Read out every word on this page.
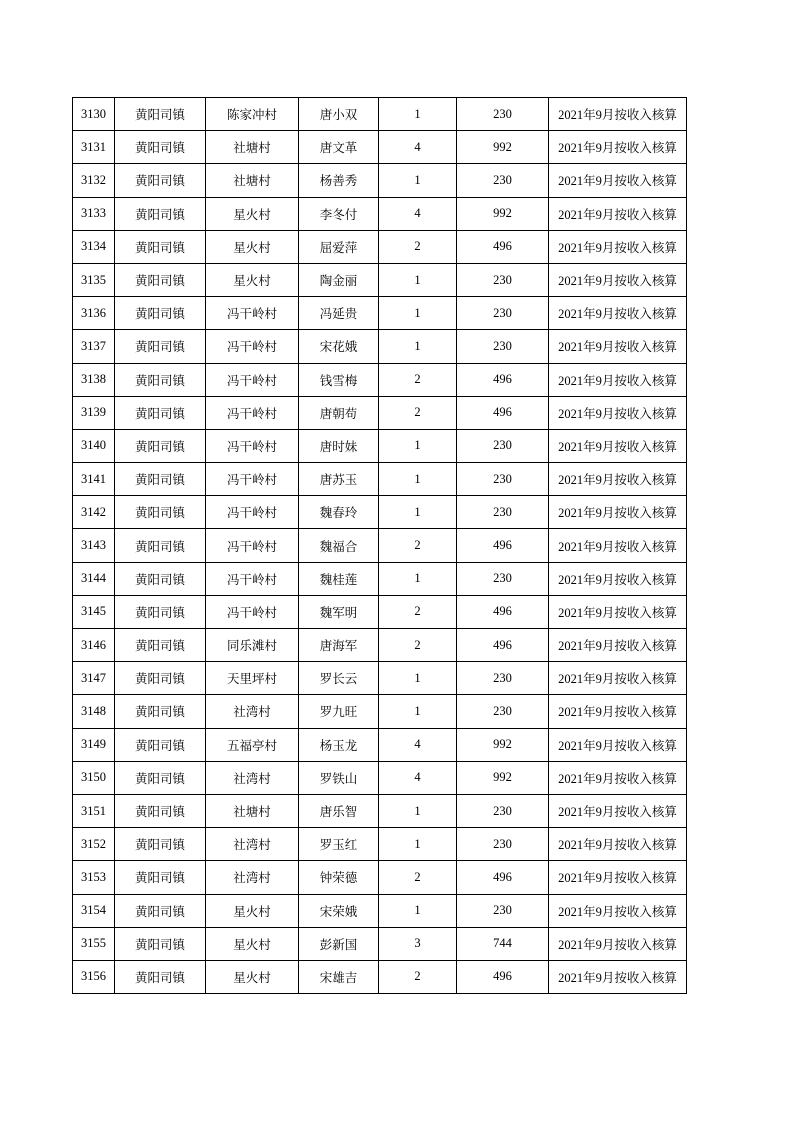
3130	黄阳司镇	陈家冲村	唐小双	1	230	2021年9月按收入核算
3131	黄阳司镇	社塘村	唐文革	4	992	2021年9月按收入核算
3132	黄阳司镇	社塘村	杨善秀	1	230	2021年9月按收入核算
3133	黄阳司镇	星火村	李冬付	4	992	2021年9月按收入核算
3134	黄阳司镇	星火村	屈爱萍	2	496	2021年9月按收入核算
3135	黄阳司镇	星火村	陶金丽	1	230	2021年9月按收入核算
3136	黄阳司镇	冯干岭村	冯延贵	1	230	2021年9月按收入核算
3137	黄阳司镇	冯干岭村	宋花娥	1	230	2021年9月按收入核算
3138	黄阳司镇	冯干岭村	钱雪梅	2	496	2021年9月按收入核算
3139	黄阳司镇	冯干岭村	唐朝苟	2	496	2021年9月按收入核算
3140	黄阳司镇	冯干岭村	唐时妹	1	230	2021年9月按收入核算
3141	黄阳司镇	冯干岭村	唐苏玉	1	230	2021年9月按收入核算
3142	黄阳司镇	冯干岭村	魏春玲	1	230	2021年9月按收入核算
3143	黄阳司镇	冯干岭村	魏福合	2	496	2021年9月按收入核算
3144	黄阳司镇	冯干岭村	魏桂莲	1	230	2021年9月按收入核算
3145	黄阳司镇	冯干岭村	魏军明	2	496	2021年9月按收入核算
3146	黄阳司镇	同乐滩村	唐海军	2	496	2021年9月按收入核算
3147	黄阳司镇	天里坪村	罗长云	1	230	2021年9月按收入核算
3148	黄阳司镇	社湾村	罗九旺	1	230	2021年9月按收入核算
3149	黄阳司镇	五福亭村	杨玉龙	4	992	2021年9月按收入核算
3150	黄阳司镇	社湾村	罗铁山	4	992	2021年9月按收入核算
3151	黄阳司镇	社塘村	唐乐智	1	230	2021年9月按收入核算
3152	黄阳司镇	社湾村	罗玉红	1	230	2021年9月按收入核算
3153	黄阳司镇	社湾村	钟荣德	2	496	2021年9月按收入核算
3154	黄阳司镇	星火村	宋荣娥	1	230	2021年9月按收入核算
3155	黄阳司镇	星火村	彭新国	3	744	2021年9月按收入核算
3156	黄阳司镇	星火村	宋雄吉	2	496	2021年9月按收入核算
